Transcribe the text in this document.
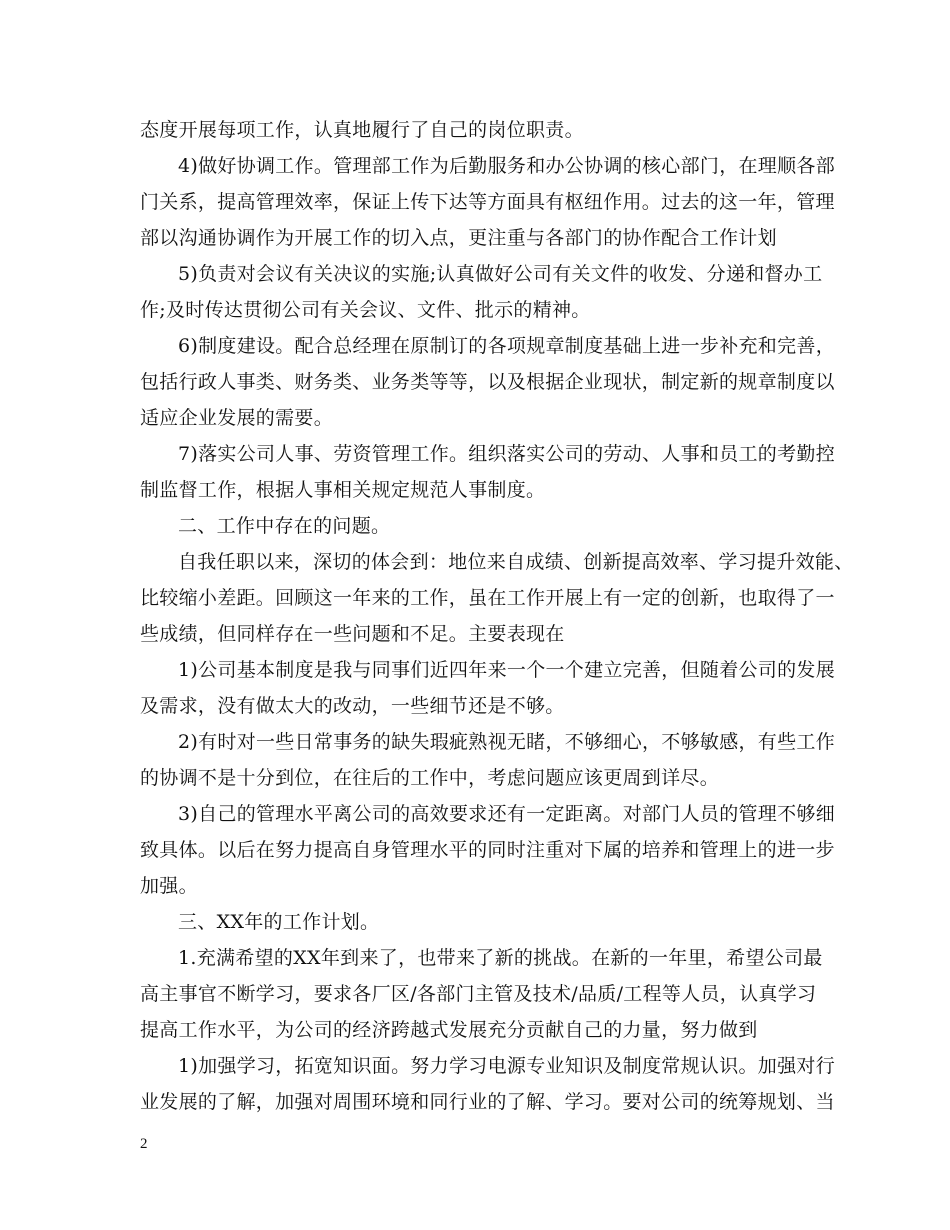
态度开展每项工作，认真地履行了自己的岗位职责。
4)做好协调工作。管理部工作为后勤服务和办公协调的核心部门，在理顺各部
门关系，提高管理效率，保证上传下达等方面具有枢纽作用。过去的这一年，管理
部以沟通协调作为开展工作的切入点，更注重与各部门的协作配合工作计划
5)负责对会议有关决议的实施;认真做好公司有关文件的收发、分递和督办工
作;及时传达贯彻公司有关会议、文件、批示的精神。
6)制度建设。配合总经理在原制订的各项规章制度基础上进一步补充和完善，
包括行政人事类、财务类、业务类等等，以及根据企业现状，制定新的规章制度以
适应企业发展的需要。
7)落实公司人事、劳资管理工作。组织落实公司的劳动、人事和员工的考勤控
制监督工作，根据人事相关规定规范人事制度。
二、工作中存在的问题。
自我任职以来，深切的体会到：地位来自成绩、创新提高效率、学习提升效能、
比较缩小差距。回顾这一年来的工作，虽在工作开展上有一定的创新，也取得了一
些成绩，但同样存在一些问题和不足。主要表现在
1)公司基本制度是我与同事们近四年来一个一个建立完善，但随着公司的发展
及需求，没有做太大的改动，一些细节还是不够。
2)有时对一些日常事务的缺失瑕疵熟视无睹，不够细心，不够敏感，有些工作
的协调不是十分到位，在往后的工作中，考虑问题应该更周到详尽。
3)自己的管理水平离公司的高效要求还有一定距离。对部门人员的管理不够细
致具体。以后在努力提高自身管理水平的同时注重对下属的培养和管理上的进一步
加强。
三、XX年的工作计划。
1.充满希望的XX年到来了，也带来了新的挑战。在新的一年里，希望公司最
高主事官不断学习，要求各厂区/各部门主管及技术/品质/工程等人员，认真学习
提高工作水平，为公司的经济跨越式发展充分贡献自己的力量，努力做到
1)加强学习，拓宽知识面。努力学习电源专业知识及制度常规认识。加强对行
业发展的了解，加强对周围环境和同行业的了解、学习。要对公司的统筹规划、当
2
